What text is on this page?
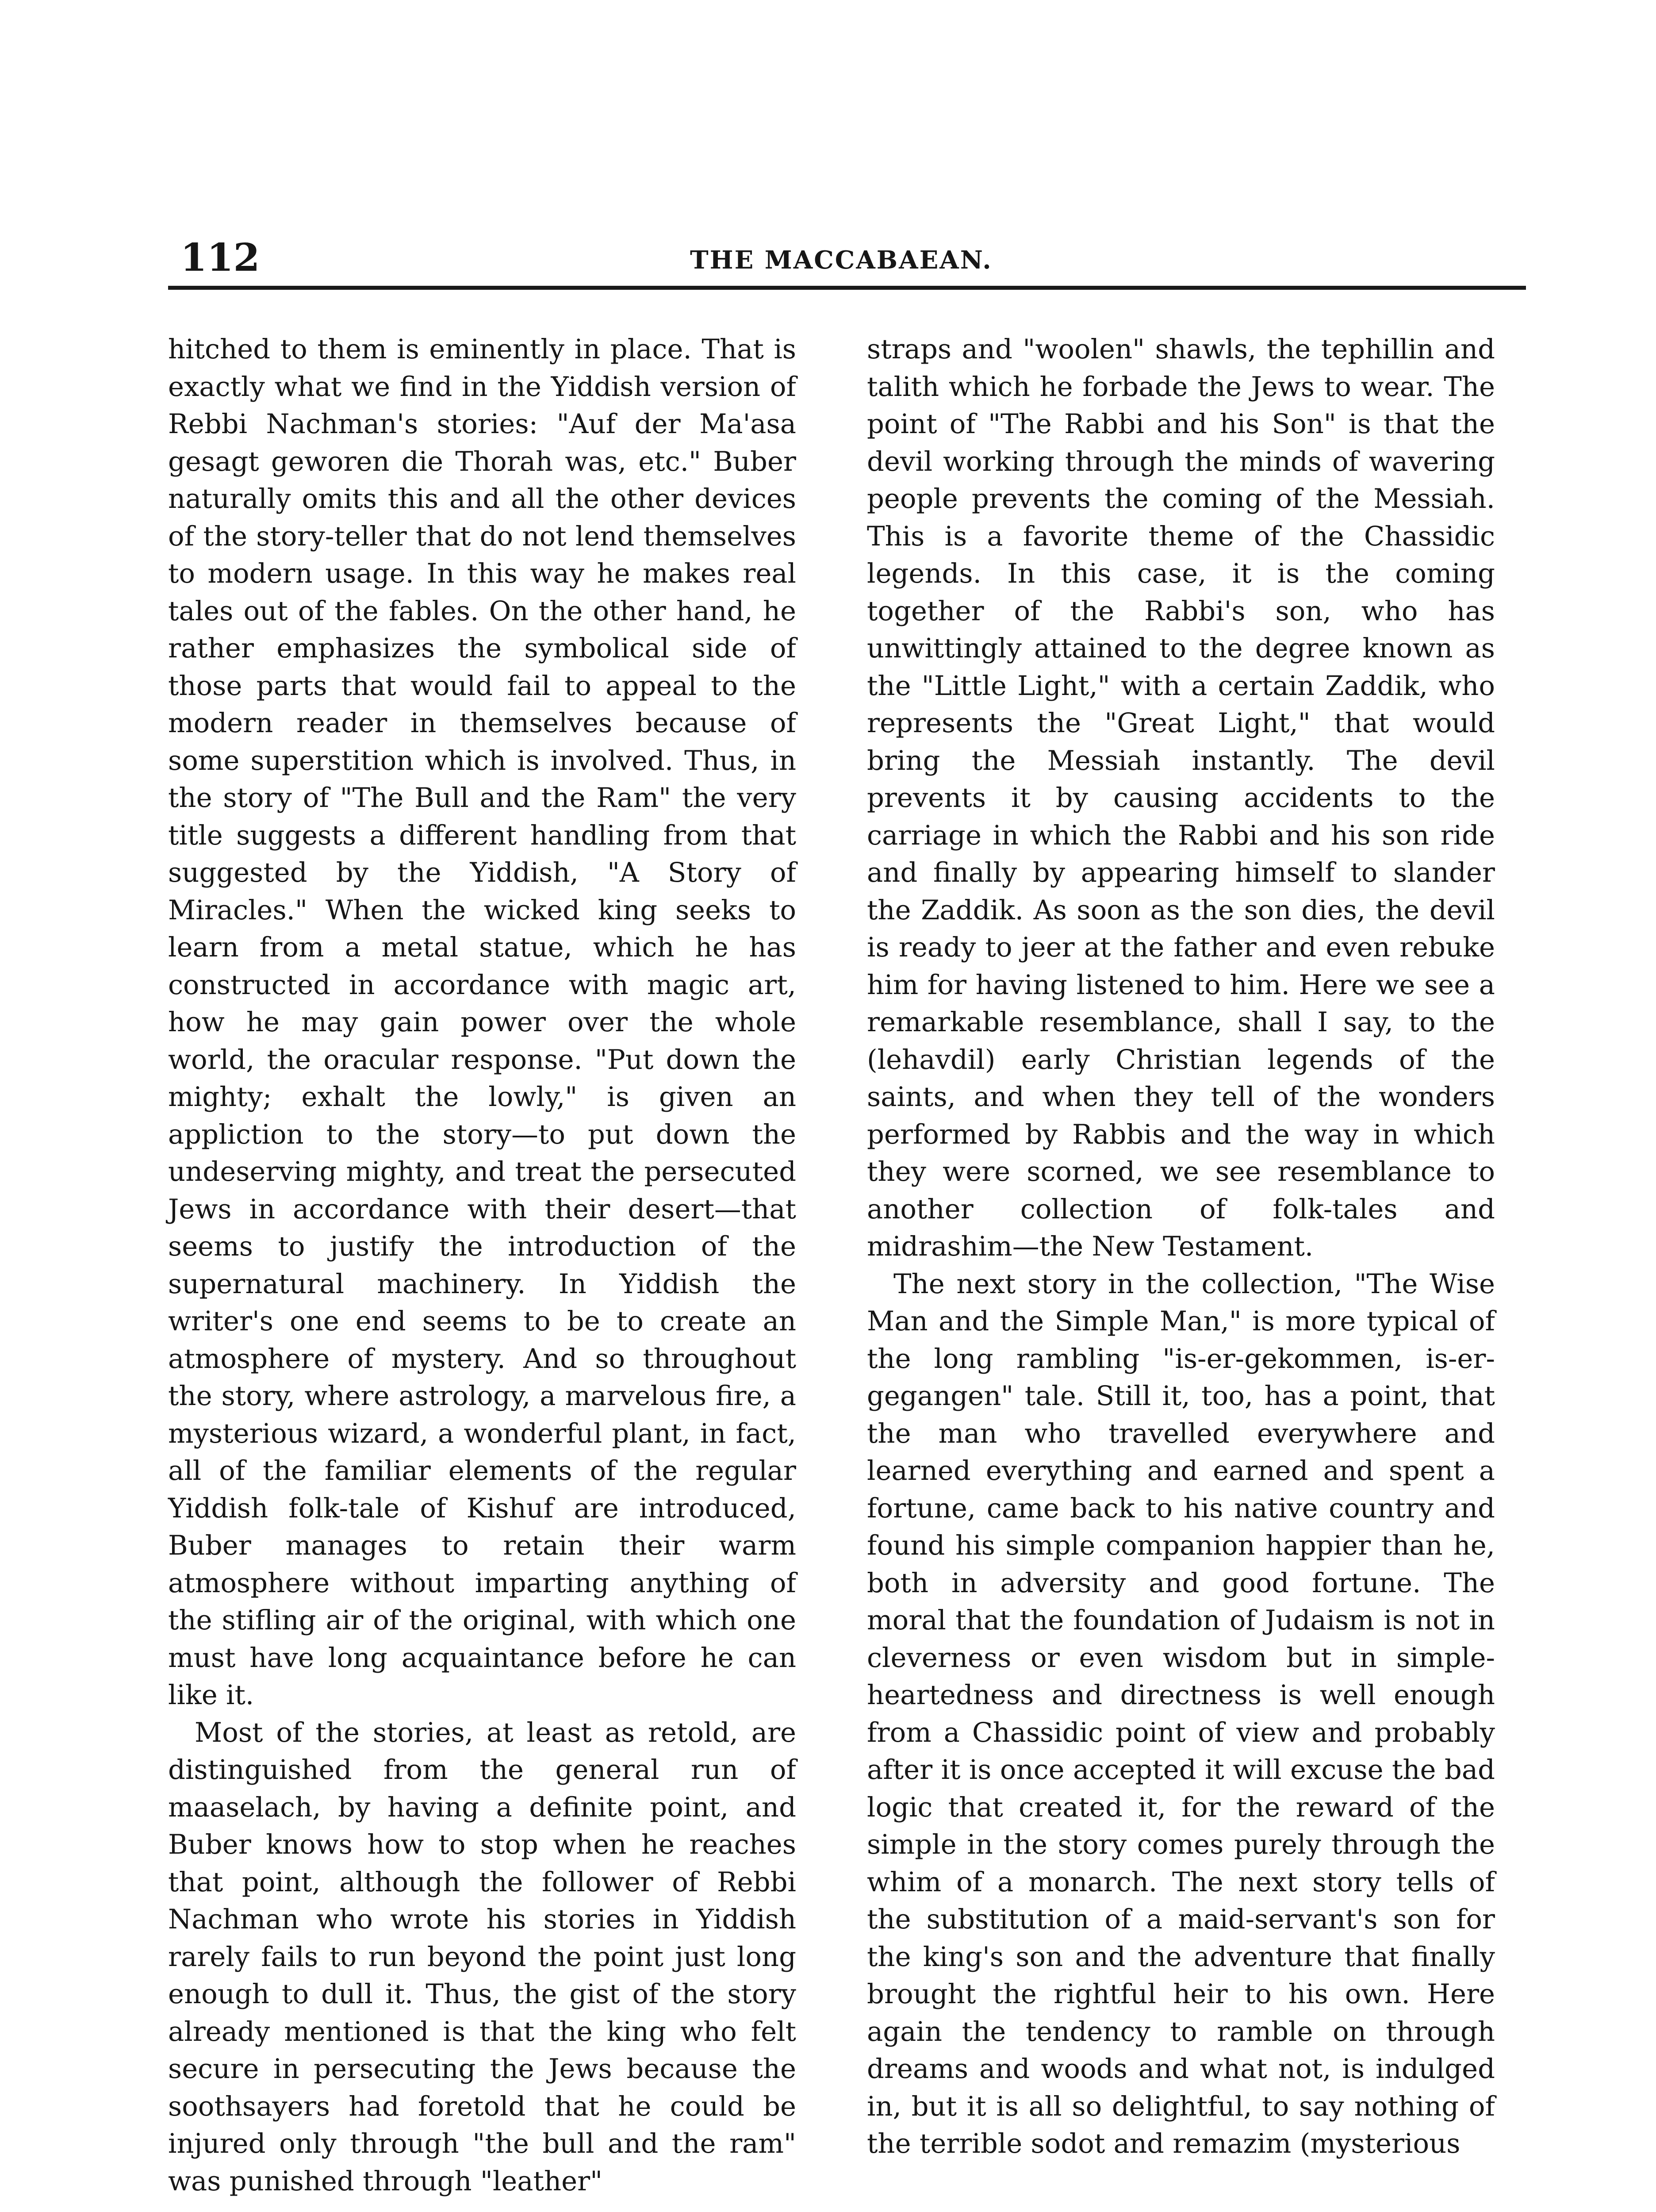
112	THE MACCABAEAN.

hitched to them is eminently in place. That is exactly what we find in the Yiddish version of Rebbi Nachman's stories: "Auf der Ma'asa gesagt geworen die Thorah was, etc." Buber naturally omits this and all the other devices of the story-teller that do not lend themselves to modern usage. In this way he makes real tales out of the fables. On the other hand, he rather emphasizes the symbolical side of those parts that would fail to appeal to the modern reader in themselves because of some superstition which is involved. Thus, in the story of "The Bull and the Ram" the very title suggests a different handling from that suggested by the Yiddish, "A Story of Miracles." When the wicked king seeks to learn from a metal statue, which he has constructed in accordance with magic art, how he may gain power over the whole world, the oracular response. "Put down the mighty; exhalt the lowly," is given an appliction to the story—to put down the undeserving mighty, and treat the persecuted Jews in accordance with their desert—that seems to justify the introduction of the supernatural machinery. In Yiddish the writer's one end seems to be to create an atmosphere of mystery. And so throughout the story, where astrology, a marvelous fire, a mysterious wizard, a wonderful plant, in fact, all of the familiar elements of the regular Yiddish folk-tale of Kishuf are introduced, Buber manages to retain their warm atmosphere without imparting anything of the stifling air of the original, with which one must have long acquaintance before he can like it.

Most of the stories, at least as retold, are distinguished from the general run of maaselach, by having a definite point, and Buber knows how to stop when he reaches that point, although the follower of Rebbi Nachman who wrote his stories in Yiddish rarely fails to run beyond the point just long enough to dull it. Thus, the gist of the story already mentioned is that the king who felt secure in persecuting the Jews because the soothsayers had foretold that he could be injured only through "the bull and the ram" was punished through "leather"

straps and "woolen" shawls, the tephillin and talith which he forbade the Jews to wear. The point of "The Rabbi and his Son" is that the devil working through the minds of wavering people prevents the coming of the Messiah. This is a favorite theme of the Chassidic legends. In this case, it is the coming together of the Rabbi's son, who has unwittingly attained to the degree known as the "Little Light," with a certain Zaddik, who represents the "Great Light," that would bring the Messiah instantly. The devil prevents it by causing accidents to the carriage in which the Rabbi and his son ride and finally by appearing himself to slander the Zaddik. As soon as the son dies, the devil is ready to jeer at the father and even rebuke him for having listened to him. Here we see a remarkable resemblance, shall I say, to the (lehavdil) early Christian legends of the saints, and when they tell of the wonders performed by Rabbis and the way in which they were scorned, we see resemblance to another collection of folk-tales and midrashim—the New Testament.

The next story in the collection, "The Wise Man and the Simple Man," is more typical of the long rambling "is-er-gekommen, is-er-gegangen" tale. Still it, too, has a point, that the man who travelled everywhere and learned everything and earned and spent a fortune, came back to his native country and found his simple companion happier than he, both in adversity and good fortune. The moral that the foundation of Judaism is not in cleverness or even wisdom but in simple-heartedness and directness is well enough from a Chassidic point of view and probably after it is once accepted it will excuse the bad logic that created it, for the reward of the simple in the story comes purely through the whim of a monarch. The next story tells of the substitution of a maid-servant's son for the king's son and the adventure that finally brought the rightful heir to his own. Here again the tendency to ramble on through dreams and woods and what not, is indulged in, but it is all so delightful, to say nothing of the terrible sodot and remazim (mysterious
